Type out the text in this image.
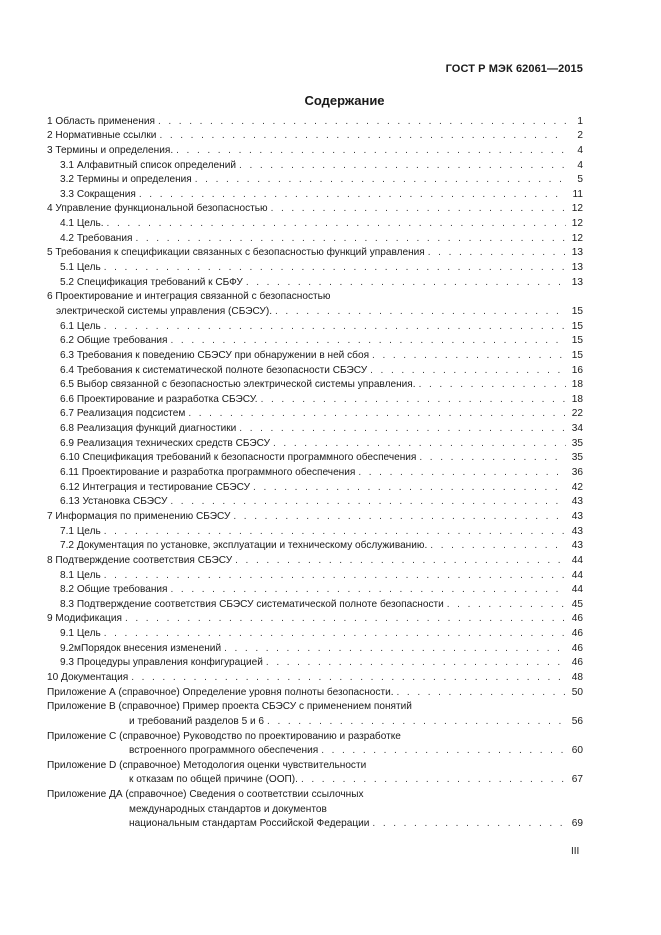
ГОСТ Р МЭК 62061—2015
Содержание
1 Область применения . . .	1
2 Нормативные ссылки . . .	2
3 Термины и определения. . . .	4
3.1 Алфавитный список определений . . .	4
3.2 Термины и определения . . .	5
3.3 Сокращения . . .	11
4 Управление функциональной безопасностью . . .	12
4.1 Цель. . . .	12
4.2 Требования . . .	12
5 Требования к спецификации связанных с безопасностью функций управления . . .	13
5.1 Цель . . .	13
5.2 Спецификация требований к СБФУ . . .	13
6 Проектирование и интеграция связанной с безопасностью
электрической системы управления (СБЭСУ). . . .	15
6.1 Цель . . .	15
6.2 Общие требования . . .	15
6.3 Требования к поведению СБЭСУ при обнаружении в ней сбоя . . .	15
6.4 Требования к систематической полноте безопасности СБЭСУ . . .	16
6.5 Выбор связанной с безопасностью электрической системы управления. . . .	18
6.6 Проектирование и разработка СБЭСУ. . . .	18
6.7 Реализация подсистем . . .	22
6.8 Реализация функций диагностики . . .	34
6.9 Реализация технических средств СБЭСУ . . .	35
6.10 Спецификация требований к безопасности программного обеспечения . . .	35
6.11 Проектирование и разработка программного обеспечения . . .	36
6.12 Интеграция и тестирование СБЭСУ . . .	42
6.13 Установка СБЭСУ . . .	43
7 Информация по применению СБЭСУ . . .	43
7.1 Цель . . .	43
7.2 Документация по установке, эксплуатации и техническому обслуживанию. . . .	43
8 Подтверждение соответствия СБЭСУ . . .	44
8.1 Цель . . .	44
8.2 Общие требования . . .	44
8.3 Подтверждение соответствия СБЭСУ систематической полноте безопасности . . .	45
9 Модификация . . .	46
9.1 Цель . . .	46
9.2мПорядок внесения изменений . . .	46
9.3 Процедуры управления конфигурацией . . .	46
10 Документация . . .	48
Приложение А (справочное) Определение уровня полноты безопасности. . . .	50
Приложение В (справочное) Пример проекта СБЭСУ с применением понятий
и требований разделов 5 и 6 . . .	56
Приложение С (справочное) Руководство по проектированию и разработке
встроенного программного обеспечения . . .	60
Приложение D (справочное) Методология оценки чувствительности
к отказам по общей причине (ООП). . . .	67
Приложение ДА (справочное) Сведения о соответствии ссылочных
международных стандартов и документов
национальным стандартам Российской Федерации . . .	69
III
